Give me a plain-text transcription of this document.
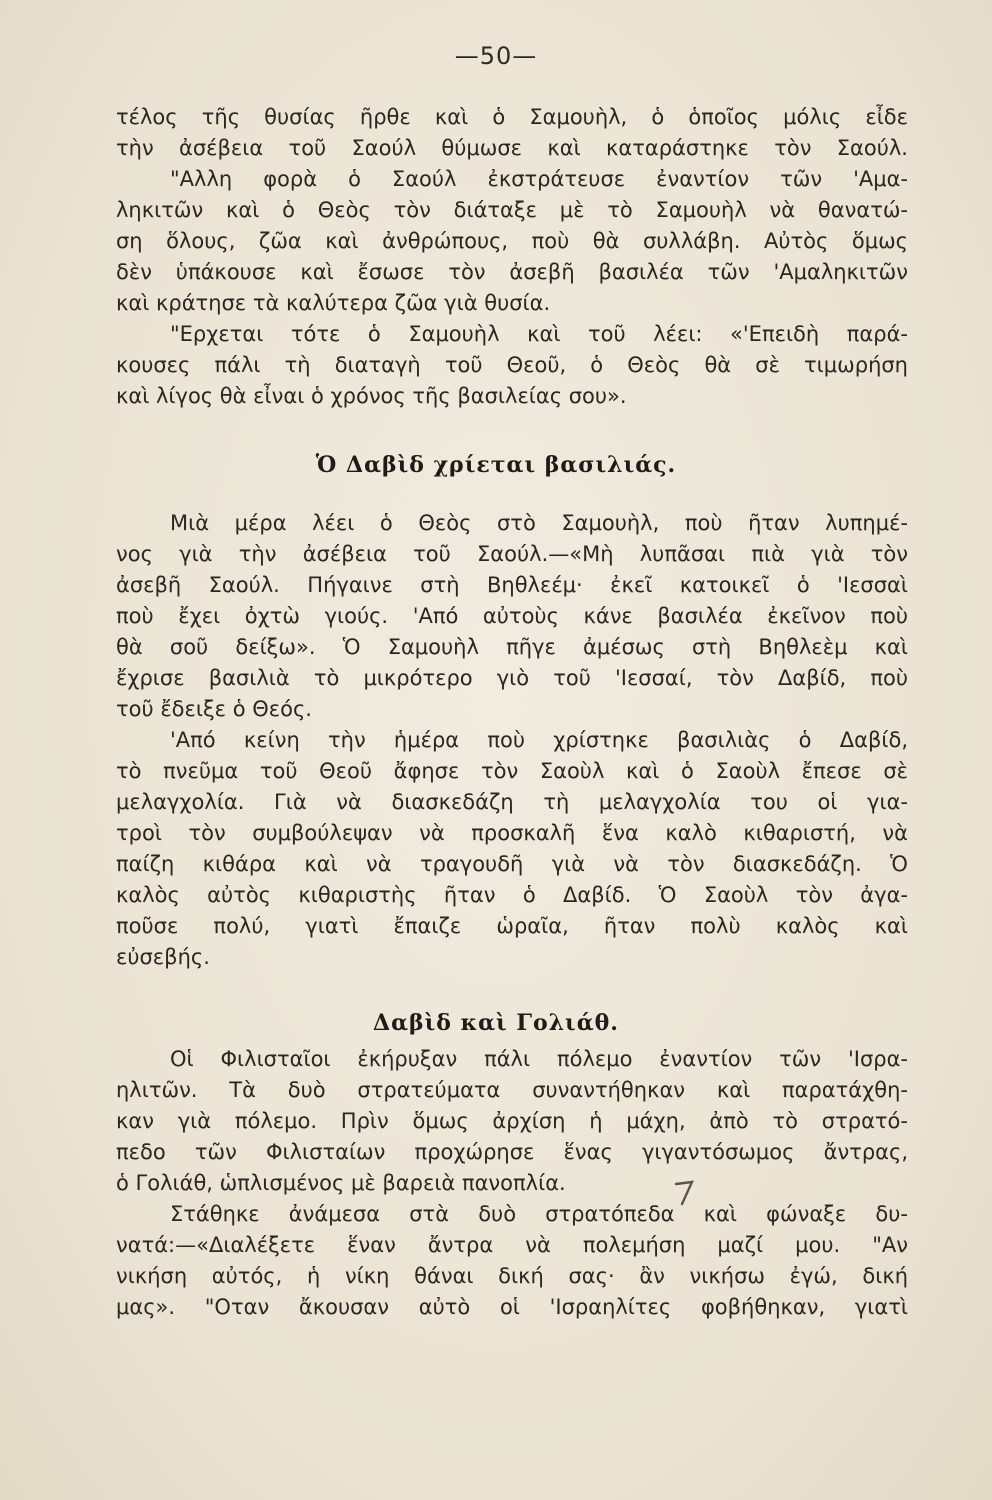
—50—
τέλος τῆς θυσίας ῆρθε καὶ ὁ Σαμουὴλ, ὁ ὁποῖος μόλις εἶδε
τὴν ἀσέβεια τοῦ Σαούλ θύμωσε καὶ καταράστηκε τὸν Σαούλ.
"Αλλη φορὰ ὁ Σαούλ ἐκστράτευσε ἐναντίον τῶν 'Αμα-
ληκιτῶν καὶ ὁ Θεὸς τὸν διάταξε μὲ τὸ Σαμουὴλ νὰ θανατώ-
ση ὅλους, ζῶα καὶ ἀνθρώπους, ποὺ θὰ συλλάβη. Αὐτὸς ὅμως
δὲν ὑπάκουσε καὶ ἔσωσε τὸν ἀσεβῆ βασιλέα τῶν 'Αμαληκιτῶν
καὶ κράτησε τὰ καλύτερα ζῶα γιὰ θυσία.
"Ερχεται τότε ὁ Σαμουὴλ καὶ τοῦ λέει: «'Επειδὴ παρά-
κουσες πάλι τὴ διαταγὴ τοῦ Θεοῦ, ὁ Θεὸς θὰ σὲ τιμωρήση
καὶ λίγος θὰ εἶναι ὁ χρόνος τῆς βασιλείας σου».
Ὁ Δαβὶδ χρίεται βασιλιάς.
Μιὰ μέρα λέει ὁ Θεὸς στὸ Σαμουὴλ, ποὺ ῆταν λυπημέ-
νος γιὰ τὴν ἀσέβεια τοῦ Σαούλ.—«Μὴ λυπᾶσαι πιὰ γιὰ τὸν
ἀσεβῆ Σαούλ. Πήγαινε στὴ Βηθλεέμ· ἐκεῖ κατοικεῖ ὁ 'Ιεσσαὶ
ποὺ ἔχει ὀχτὼ γιούς. 'Από αὐτοὺς κάνε βασιλέα ἐκεῖνον ποὺ
θὰ σοῦ δείξω». Ὁ Σαμουὴλ πῆγε ἀμέσως στὴ Βηθλεὲμ καὶ
ἔχρισε βασιλιὰ τὸ μικρότερο γιὸ τοῦ 'Ιεσσαί, τὸν Δαβίδ, ποὺ
τοῦ ἔδειξε ὁ Θεός.
'Από κείνη τὴν ἡμέρα ποὺ χρίστηκε βασιλιὰς ὁ Δαβίδ,
τὸ πνεῦμα τοῦ Θεοῦ ἄφησε τὸν Σαοὺλ καὶ ὁ Σαοὺλ ἔπεσε σὲ
μελαγχολία. Γιὰ νὰ διασκεδάζη τὴ μελαγχολία του οἱ για-
τροὶ τὸν συμβούλεψαν νὰ προσκαλῆ ἕνα καλὸ κιθαριστή, νὰ
παίζη κιθάρα καὶ νὰ τραγουδῆ γιὰ νὰ τὸν διασκεδάζη. Ὁ
καλὸς αὐτὸς κιθαριστὴς ῆταν ὁ Δαβίδ. Ὁ Σαοὺλ τὸν ἀγα-
ποῦσε πολύ, γιατὶ ἔπαιζε ὡραῖα, ῆταν πολὺ καλὸς καὶ
εὐσεβής.
Δαβὶδ καὶ Γολιάθ.
Οἱ Φιλισταῖοι ἐκήρυξαν πάλι πόλεμο ἐναντίον τῶν 'Ισρα-
ηλιτῶν. Τὰ δυὸ στρατεύματα συναντήθηκαν καὶ παρατάχθη-
καν γιὰ πόλεμο. Πρὶν ὅμως ἀρχίση ἡ μάχη, ἀπὸ τὸ στρατό-
πεδο τῶν Φιλισταίων προχώρησε ἕνας γιγαντόσωμος ἄντρας,
ὁ Γολιάθ, ὡπλισμένος μὲ βαρειὰ πανοπλία.
Στάθηκε ἀνάμεσα στὰ δυὸ στρατόπεδα καὶ φώναξε δυ-
νατά:—«Διαλέξετε ἕναν ἄντρα νὰ πολεμήση μαζί μου. "Αν
νικήση αὐτός, ἡ νίκη θάναι δική σας· ἂν νικήσω ἐγώ, δική
μας». "Οταν ἄκουσαν αὐτὸ οἱ 'Ισραηλίτες φοβήθηκαν, γιατὶ
